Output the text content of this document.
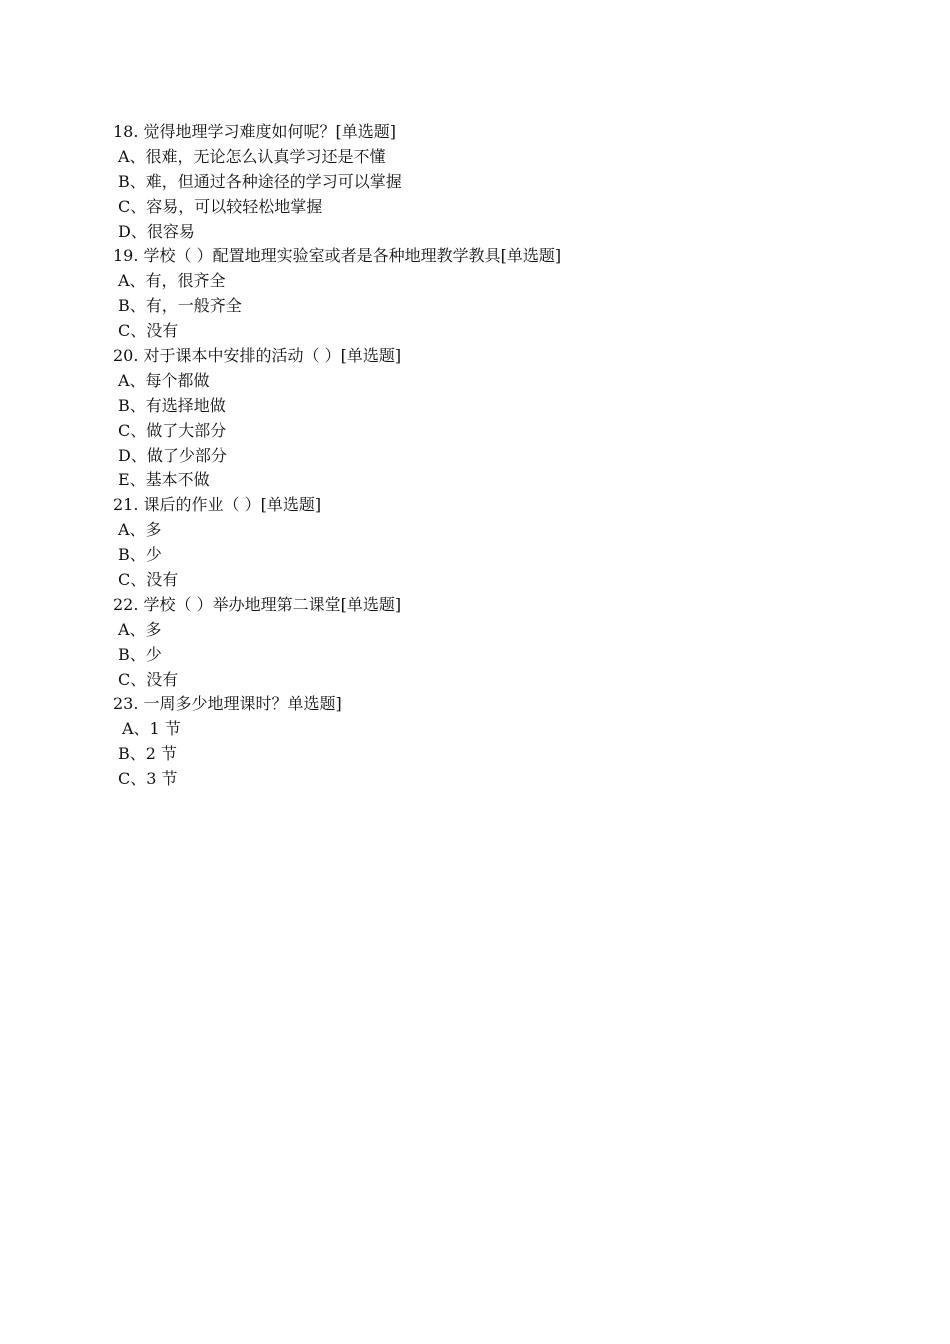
18. 觉得地理学习难度如何呢？[单选题]
A、很难，无论怎么认真学习还是不懂
B、难，但通过各种途径的学习可以掌握
C、容易，可以较轻松地掌握
D、很容易
19. 学校（ ）配置地理实验室或者是各种地理教学教具[单选题]
A、有，很齐全
B、有，一般齐全
C、没有
20. 对于课本中安排的活动（ ）[单选题]
A、每个都做
B、有选择地做
C、做了大部分
D、做了少部分
E、基本不做
21. 课后的作业（ ）[单选题]
A、多
B、少
C、没有
22. 学校（ ）举办地理第二课堂[单选题]
A、多
B、少
C、没有
23. 一周多少地理课时？单选题]
A、1 节
B、2 节
C、3 节
